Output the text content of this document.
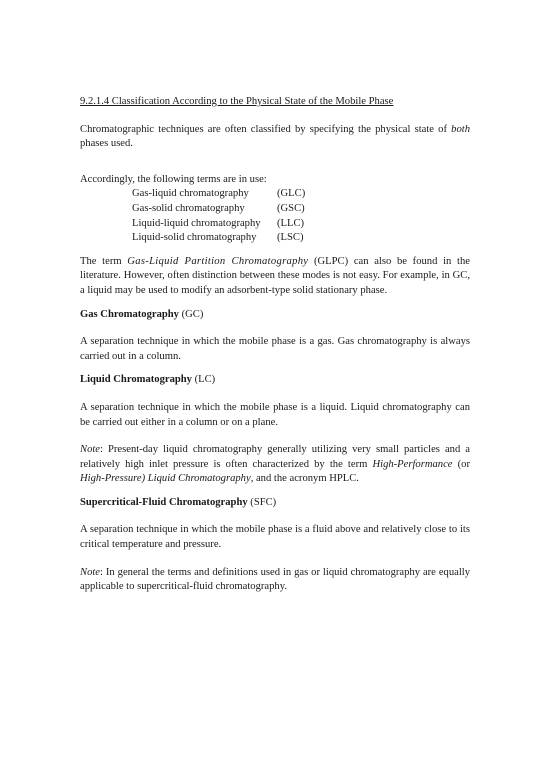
9.2.1.4 Classification According to the Physical State of the Mobile Phase

Chromatographic techniques are often classified by specifying the physical state of both phases used.

Accordingly, the following terms are in use:

Gas-liquid chromatography	(GLC)
Gas-solid chromatography	(GSC)
Liquid-liquid chromatography	(LLC)
Liquid-solid chromatography	(LSC)

The term Gas-Liquid Partition Chromatography (GLPC) can also be found in the literature. However, often distinction between these modes is not easy. For example, in GC, a liquid may be used to modify an adsorbent-type solid stationary phase.

Gas Chromatography (GC)

A separation technique in which the mobile phase is a gas. Gas chromatography is always carried out in a column.

Liquid Chromatography (LC)

A separation technique in which the mobile phase is a liquid. Liquid chromatography can be carried out either in a column or on a plane.

Note: Present-day liquid chromatography generally utilizing very small particles and a relatively high inlet pressure is often characterized by the term High-Performance (or High-Pressure) Liquid Chromatography, and the acronym HPLC.

Supercritical-Fluid Chromatography (SFC)

A separation technique in which the mobile phase is a fluid above and relatively close to its critical temperature and pressure.

Note: In general the terms and definitions used in gas or liquid chromatography are equally applicable to supercritical-fluid chromatography.
